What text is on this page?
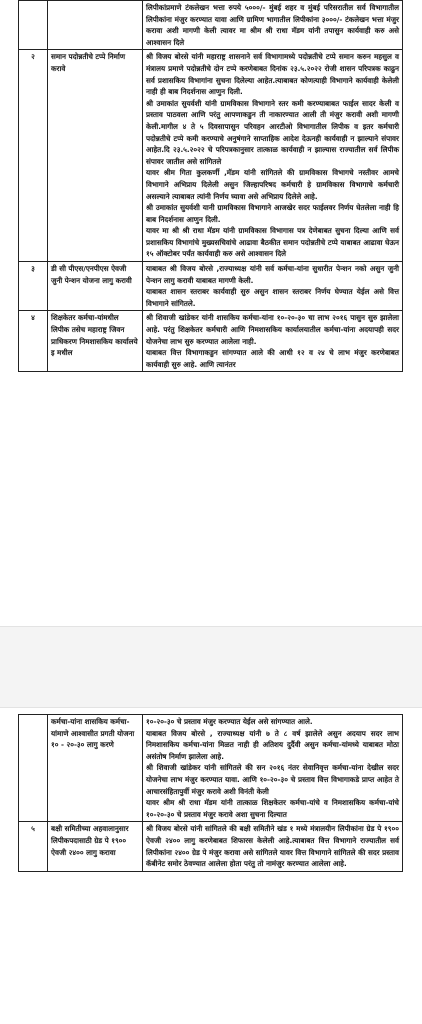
		लिपीकांप्रमाणे टंकलेखन भत्ता रुपये ५०००/- मुंबई शहर व मुंबई परिसरातील सर्व विभागातील लिपीकांना मंजुर करण्यात यावा आणि ग्रामिण भागातील लिपीकांना ३०००/- टंकलेखन भत्ता मंजुर करावा अशी मागणी केली त्यावर मा श्रीम श्री राधा मॅडम यांनी तपासुन कार्यवाही करु असे आश्वासन दिले

२	समान पदोन्नतीचे टप्पे निर्माण करावे	श्री विजय बोरसे यांनी महाराष्ट्र शासनाने सर्व विभागामध्ये पदोन्नतीचे टप्पे समान करुन महसुल व मंत्रालय प्रमाणे पदोन्नतीचे दोन टप्पे करणेबाबत दिनांक २३.५.२०२२ रोजी शासन परिपत्रक काढुन सर्व प्रशासकिय विभागांना सुचना दिलेल्या आहेत.त्याबाबत कोणत्याही विभागाने कार्यवाही केलेली नाही ही बाब निदर्शनास आणुन दिली.

श्री उमाकांत सुयर्वशी यांनी ग्रामविकास विभागाने स्तर कमी करण्याबाबत फाईल सादर केली व प्रस्ताव पाठवला आणि परंतु आपणाकडुन ती नाकारण्यात आली ती मंजुर करावी अशी मागणी केली.मागील ४ ते ५ दिवसापासुन परिवहन आरटीओ विभागातील लिपीक व इतर कर्मचारी पदोन्नतीचे टप्पे कमी करण्याचे अनुषंगाने साप्ताहिक आदेश देऊनही कार्यवाही न झाल्याने संपावर आहेत.दि २३.५.२०२२ चे परिपत्रकानुसार तात्काळ कार्यवाही न झाल्यास राज्यातील सर्व लिपीक संपावर जातील असे सांगितले

यावर श्रीम गिता कुलकर्णी ,मॅडम यांनी सांगितले की ग्रामविकास विभागचे नस्तीवर आमचे विभागाने अभिप्राय दिलेली असुन जिल्हापरिषद कर्मचारी हे ग्रामविकास विभागाचे कर्मचारी असल्याने त्याबाबत त्यांनी निर्णय घ्यावा असे अभिप्राय दिलेले आहे.

श्री उमाकांत सुयर्वशी यानी ग्रामविकास विभागाने आजखेर सदर फाईलवर निर्णय घेतलेला नाही हि बाब निदर्शनास आणुन दिली.

यावर मा श्री श्री राधा मॅडम यांनी ग्रामविकास विभागास पत्र देणेबाबत सुचना दिल्या आणि सर्व प्रशासकिय विभागांचे मुख्यसचिवांचे आढावा बैठकीत समान पदोन्नतीचे टप्पे याबाबत आढावा घेऊन १५ ऑक्टोबर पर्यंत कार्यवाही करु असे आश्वासन दिले

३	डी सी पीएस/एनपीएस ऐवजी जुनी पेन्शन योजना लागु करावी	याबाबत श्री विजय बोरसे ,राज्याध्यक्ष यांनी सर्व कर्मचा-यांना सुधारीत पेन्शन नको असुन जुनी पेन्शन लागु करावी याबाबत मागणी केली.

याबाबत शासन स्तराबर कार्यवाही सुरु असुन शासन स्तराबर निर्णय घेण्यात येईल असे वित्त विभागाने सांगितले.

४	शिक्षकेतर कर्मचा-यांमधील लिपीक तसेच महाराष्ट्र जिवन प्राधिकरण निमशासकिय कार्यालये इ मधील	श्री शिवाजी खांडेकर यांनी शासकिय कर्मचा-यांना १०-२०-३० चा लाभ २०१६ पासुन सुरु झालेला आहे. परंतु शिक्षकेतर कर्मचारी आणि निमशासकिय कार्यालयातील कर्मचा-यांना अदयापही सदर योजनेचा लाभ सुरु करण्यात आलेला नाही.

याबाबत वित्त विभागाकडुन सांगण्यात आले की आधी १२ व २४ चे लाभ मंजुर करणेबाबत कार्यवाही सुरु आहे. आणि त्यानंतर

	कर्मचा-यांना शासकिय कर्मचा-यांमाणे आश्वासीत प्रगती योजना १० - २०-३० लागु करणे	१०-२०-३० चे प्रस्ताव मंजुर करण्यात येईल असे सांगण्यात आले.

याबाबत विजय बोरसे , राज्याध्यक्ष यांनी ७ ते ८ वर्ष झालेले असुन अदयाप सदर लाभ निमशासकिय कर्मचा-यांना मिळत नाही ही अतिशय दुर्दैवी असुन कर्मचा-यांमध्ये याबाबत मोठा असंतोष निर्माण झालेला आहे.

श्री शिवाजी खांडेकर यांनी सांगितले की सन २०१६ नंतर सेवानिवृत्त कर्मचा-यांना देखील सदर योजनेचा लाभ मंजुर करण्यात यावा. आणि १०-२०-३० चे प्रस्ताव वित्त विभागाकडे प्राप्त आहेत ते आचारसंहितापुर्वी मंजुर करावे अशी विनंती केली

यावर श्रीम श्री राधा मॅडम यांनी तात्काळ शिक्षकेतर कर्मचा-यांचे व निमशासकिय कर्मचा-यांचे १०-२०-३० चे प्रस्ताव मंजुर करावे अशा सुचना दिल्यात

५	बक्षी समितीच्या अहवालानुसार लिपीकपदासाठी ग्रेड पे १९०० ऐवजी २४०० लागु करावा	श्री विजय बोरसे यांनी सांगितले की बक्षी समितीने खंड १ मध्ये मंत्रालयीन लिपीकांना ग्रेड पे १९०० ऐवजी २४०० लागु करणेबाबत शिफारस केलेली आहे.त्याबाबत वित्त विभागाने राज्यातील सर्व लिपीकांना २४०० ग्रेड पे मंजुर करावा असे सांगितले यावर वित्त विभागाने सांगितले की सदर प्रस्ताव कॅबीनेट समोर ठेवण्यात आलेला होता परंतु तो नामंजुर करण्यात आलेला आहे.
